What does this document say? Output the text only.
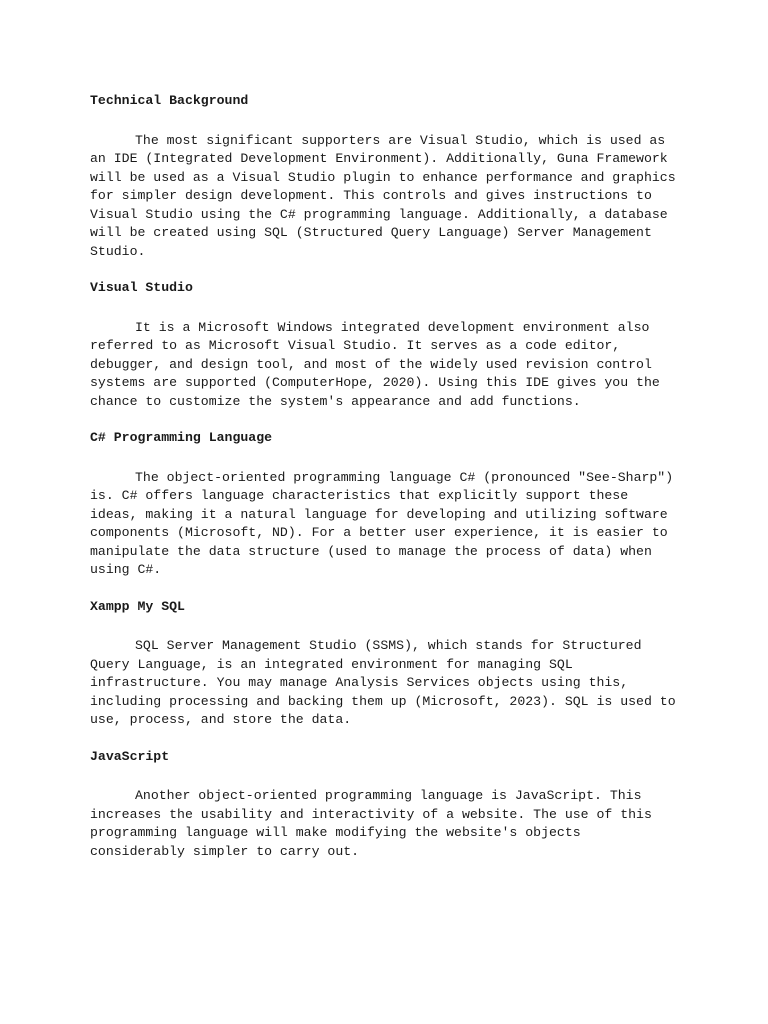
Technical Background

The most significant supporters are Visual Studio, which is used as an IDE (Integrated Development Environment). Additionally, Guna Framework will be used as a Visual Studio plugin to enhance performance and graphics for simpler design development. This controls and gives instructions to Visual Studio using the C# programming language. Additionally, a database will be created using SQL (Structured Query Language) Server Management Studio.

Visual Studio

It is a Microsoft Windows integrated development environment also referred to as Microsoft Visual Studio. It serves as a code editor, debugger, and design tool, and most of the widely used revision control systems are supported (ComputerHope, 2020). Using this IDE gives you the chance to customize the system's appearance and add functions.

C# Programming Language

The object-oriented programming language C# (pronounced "See-Sharp") is. C# offers language characteristics that explicitly support these ideas, making it a natural language for developing and utilizing software components (Microsoft, ND). For a better user experience, it is easier to manipulate the data structure (used to manage the process of data) when using C#.

Xampp My SQL

SQL Server Management Studio (SSMS), which stands for Structured Query Language, is an integrated environment for managing SQL infrastructure. You may manage Analysis Services objects using this, including processing and backing them up (Microsoft, 2023). SQL is used to use, process, and store the data.

JavaScript

Another object-oriented programming language is JavaScript. This increases the usability and interactivity of a website. The use of this programming language will make modifying the website's objects considerably simpler to carry out.
